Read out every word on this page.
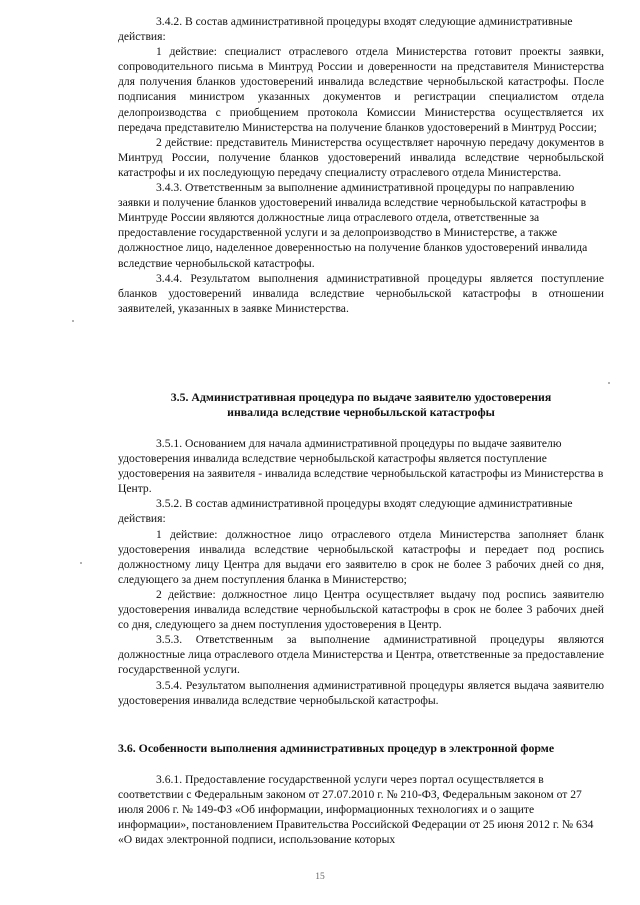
3.4.2. В состав административной процедуры входят следующие административные действия:

1 действие: специалист отраслевого отдела Министерства готовит проекты заявки, сопроводительного письма в Минтруд России и доверенности на представителя Министерства для получения бланков удостоверений инвалида вследствие чернобыльской катастрофы. После подписания министром указанных документов и регистрации специалистом отдела делопроизводства с приобщением протокола Комиссии Министерства осуществляется их передача представителю Министерства на получение бланков удостоверений в Минтруд России;

2 действие: представитель Министерства осуществляет нарочную передачу документов в Минтруд России, получение бланков удостоверений инвалида вследствие чернобыльской катастрофы и их последующую передачу специалисту отраслевого отдела Министерства.

3.4.3. Ответственным за выполнение административной процедуры по направлению заявки и получение бланков удостоверений инвалида вследствие чернобыльской катастрофы в Минтруде России являются должностные лица отраслевого отдела, ответственные за предоставление государственной услуги и за делопроизводство в Министерстве, а также должностное лицо, наделенное доверенностью на получение бланков удостоверений инвалида вследствие чернобыльской катастрофы.

3.4.4. Результатом выполнения административной процедуры является поступление бланков удостоверений инвалида вследствие чернобыльской катастрофы в отношении заявителей, указанных в заявке Министерства.

3.5. Административная процедура по выдаче заявителю удостоверения

инвалида вследствие чернобыльской катастрофы

3.5.1. Основанием для начала административной процедуры по выдаче заявителю удостоверения инвалида вследствие чернобыльской катастрофы является поступление удостоверения на заявителя - инвалида вследствие чернобыльской катастрофы из Министерства в Центр.

3.5.2. В состав административной процедуры входят следующие административные действия:

1 действие: должностное лицо отраслевого отдела Министерства заполняет бланк удостоверения инвалида вследствие чернобыльской катастрофы и передает под роспись должностному лицу Центра для выдачи его заявителю в срок не более 3 рабочих дней со дня, следующего за днем поступления бланка в Министерство;

2 действие: должностное лицо Центра осуществляет выдачу под роспись заявителю удостоверения инвалида вследствие чернобыльской катастрофы в срок не более 3 рабочих дней со дня, следующего за днем поступления удостоверения в Центр.

3.5.3. Ответственным за выполнение административной процедуры являются должностные лица отраслевого отдела Министерства и Центра, ответственные за предоставление государственной услуги.

3.5.4. Результатом выполнения административной процедуры является выдача заявителю удостоверения инвалида вследствие чернобыльской катастрофы.

3.6. Особенности выполнения административных процедур в электронной форме

3.6.1. Предоставление государственной услуги через портал осуществляется в соответствии с Федеральным законом от 27.07.2010 г. № 210-ФЗ, Федеральным законом от 27 июля 2006 г. № 149-ФЗ «Об информации, информационных технологиях и о защите информации», постановлением Правительства Российской Федерации от 25 июня 2012 г. № 634 «О видах электронной подписи, использование которых

15
